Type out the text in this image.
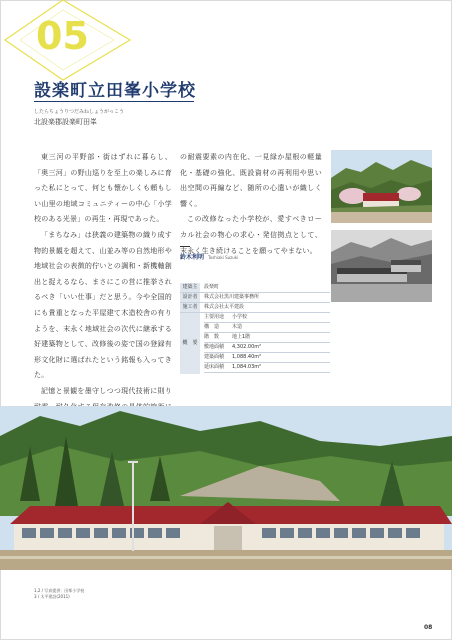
05
設楽町立田峯小学校
したらちょうりつだみねしょうがっこう
北設楽郡設楽町田峯

東三河の平野部・街はずれに暮らし、「奥三河」の野山巡りを至上の楽しみに育った私にとって、何とも懐かしくも頼もしい山里の地域コミュニティーの中心「小学校のある光景」の再生・再現であった。

「まちなみ」は狭義の建築物の織り成す物的景観を超えて、山並み等の自然地形や地域社会の表徴的佇いとの調和・新機軸創出と捉えるなら、まさにこの営に推挙されるべき「いい仕事」だと思う。今や全国的にも貴重となった平屋建て木造校舎の有りようを、末永く地域社会の次代に継承する好建築物として、改修後の姿で国の登録有形文化財に選ばれたという銘報も入ってきた。

記憶と景観を墨守しつつ現代技術に則り

の耐震要素の内在化、一見緑か屋根の軽量化・基礎の強化、既設資材の再利用や思い出空間の再編など、随所の心遣いが織しく響く。

この改修なった小学校が、愛すべきローカル社会の物心の求心・発信拠点として、末永く生き続けることを願ってやまない。

鈴木利明 Toshiaki Suzuki
建築主	設楽町
設計者	株式会社黒川建築事務所
施工者	株式会社太平建設
概　要
主要用途	小学校
構　造	木造
階　数	地上1階
敷地面積	4,302.00m²
建築面積	1,088.40m²
延床面積	1,084.03m²
1,2 / 写真提供：田峯小学校
3 / 太平建設(2011)
08
